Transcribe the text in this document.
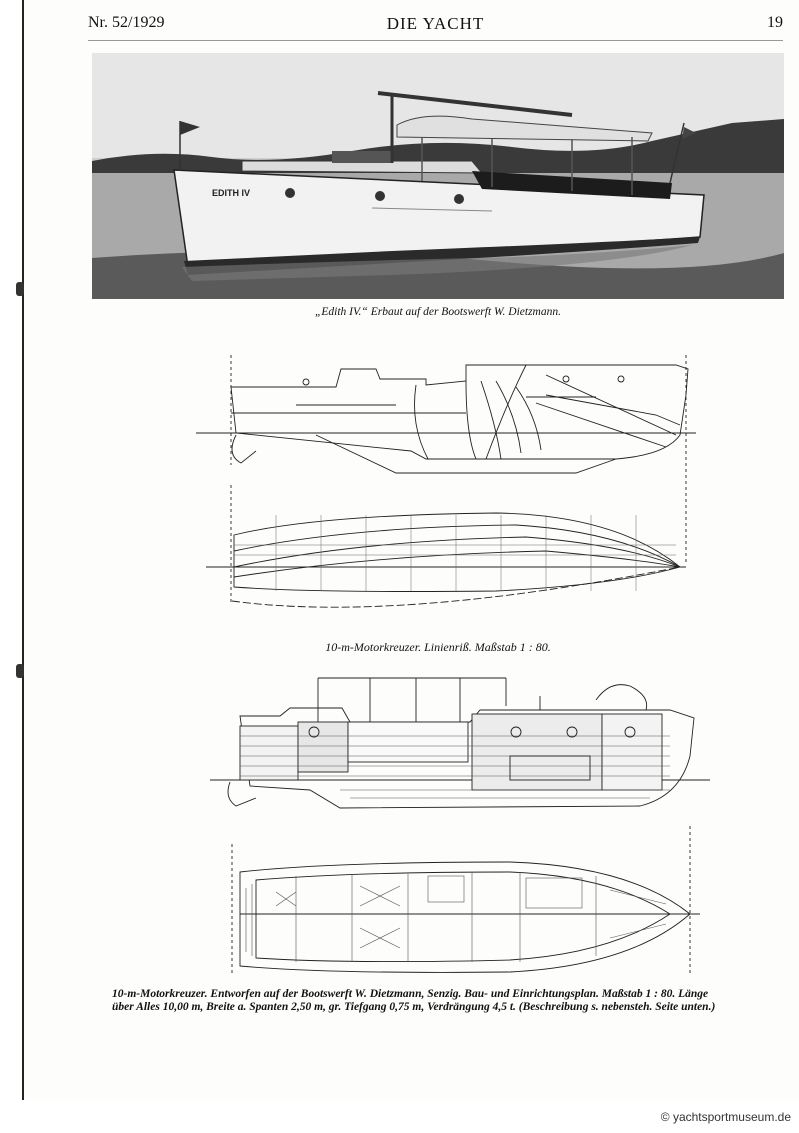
Nr. 52/1929	DIE YACHT	19
EDITH IV
„Edith IV.“ Erbaut auf der Bootswerft W. Dietzmann.
10-m-Motorkreuzer. Linienriß. Maßstab 1 : 80.
10-m-Motorkreuzer. Entworfen auf der Bootswerft W. Dietzmann, Senzig. Bau- und Einrichtungsplan. Maßstab 1 : 80. Länge
über Alles 10,00 m, Breite a. Spanten 2,50 m, gr. Tiefgang 0,75 m, Verdrängung 4,5 t. (Beschreibung s. nebensteh. Seite unten.)
© yachtsportmuseum.de
